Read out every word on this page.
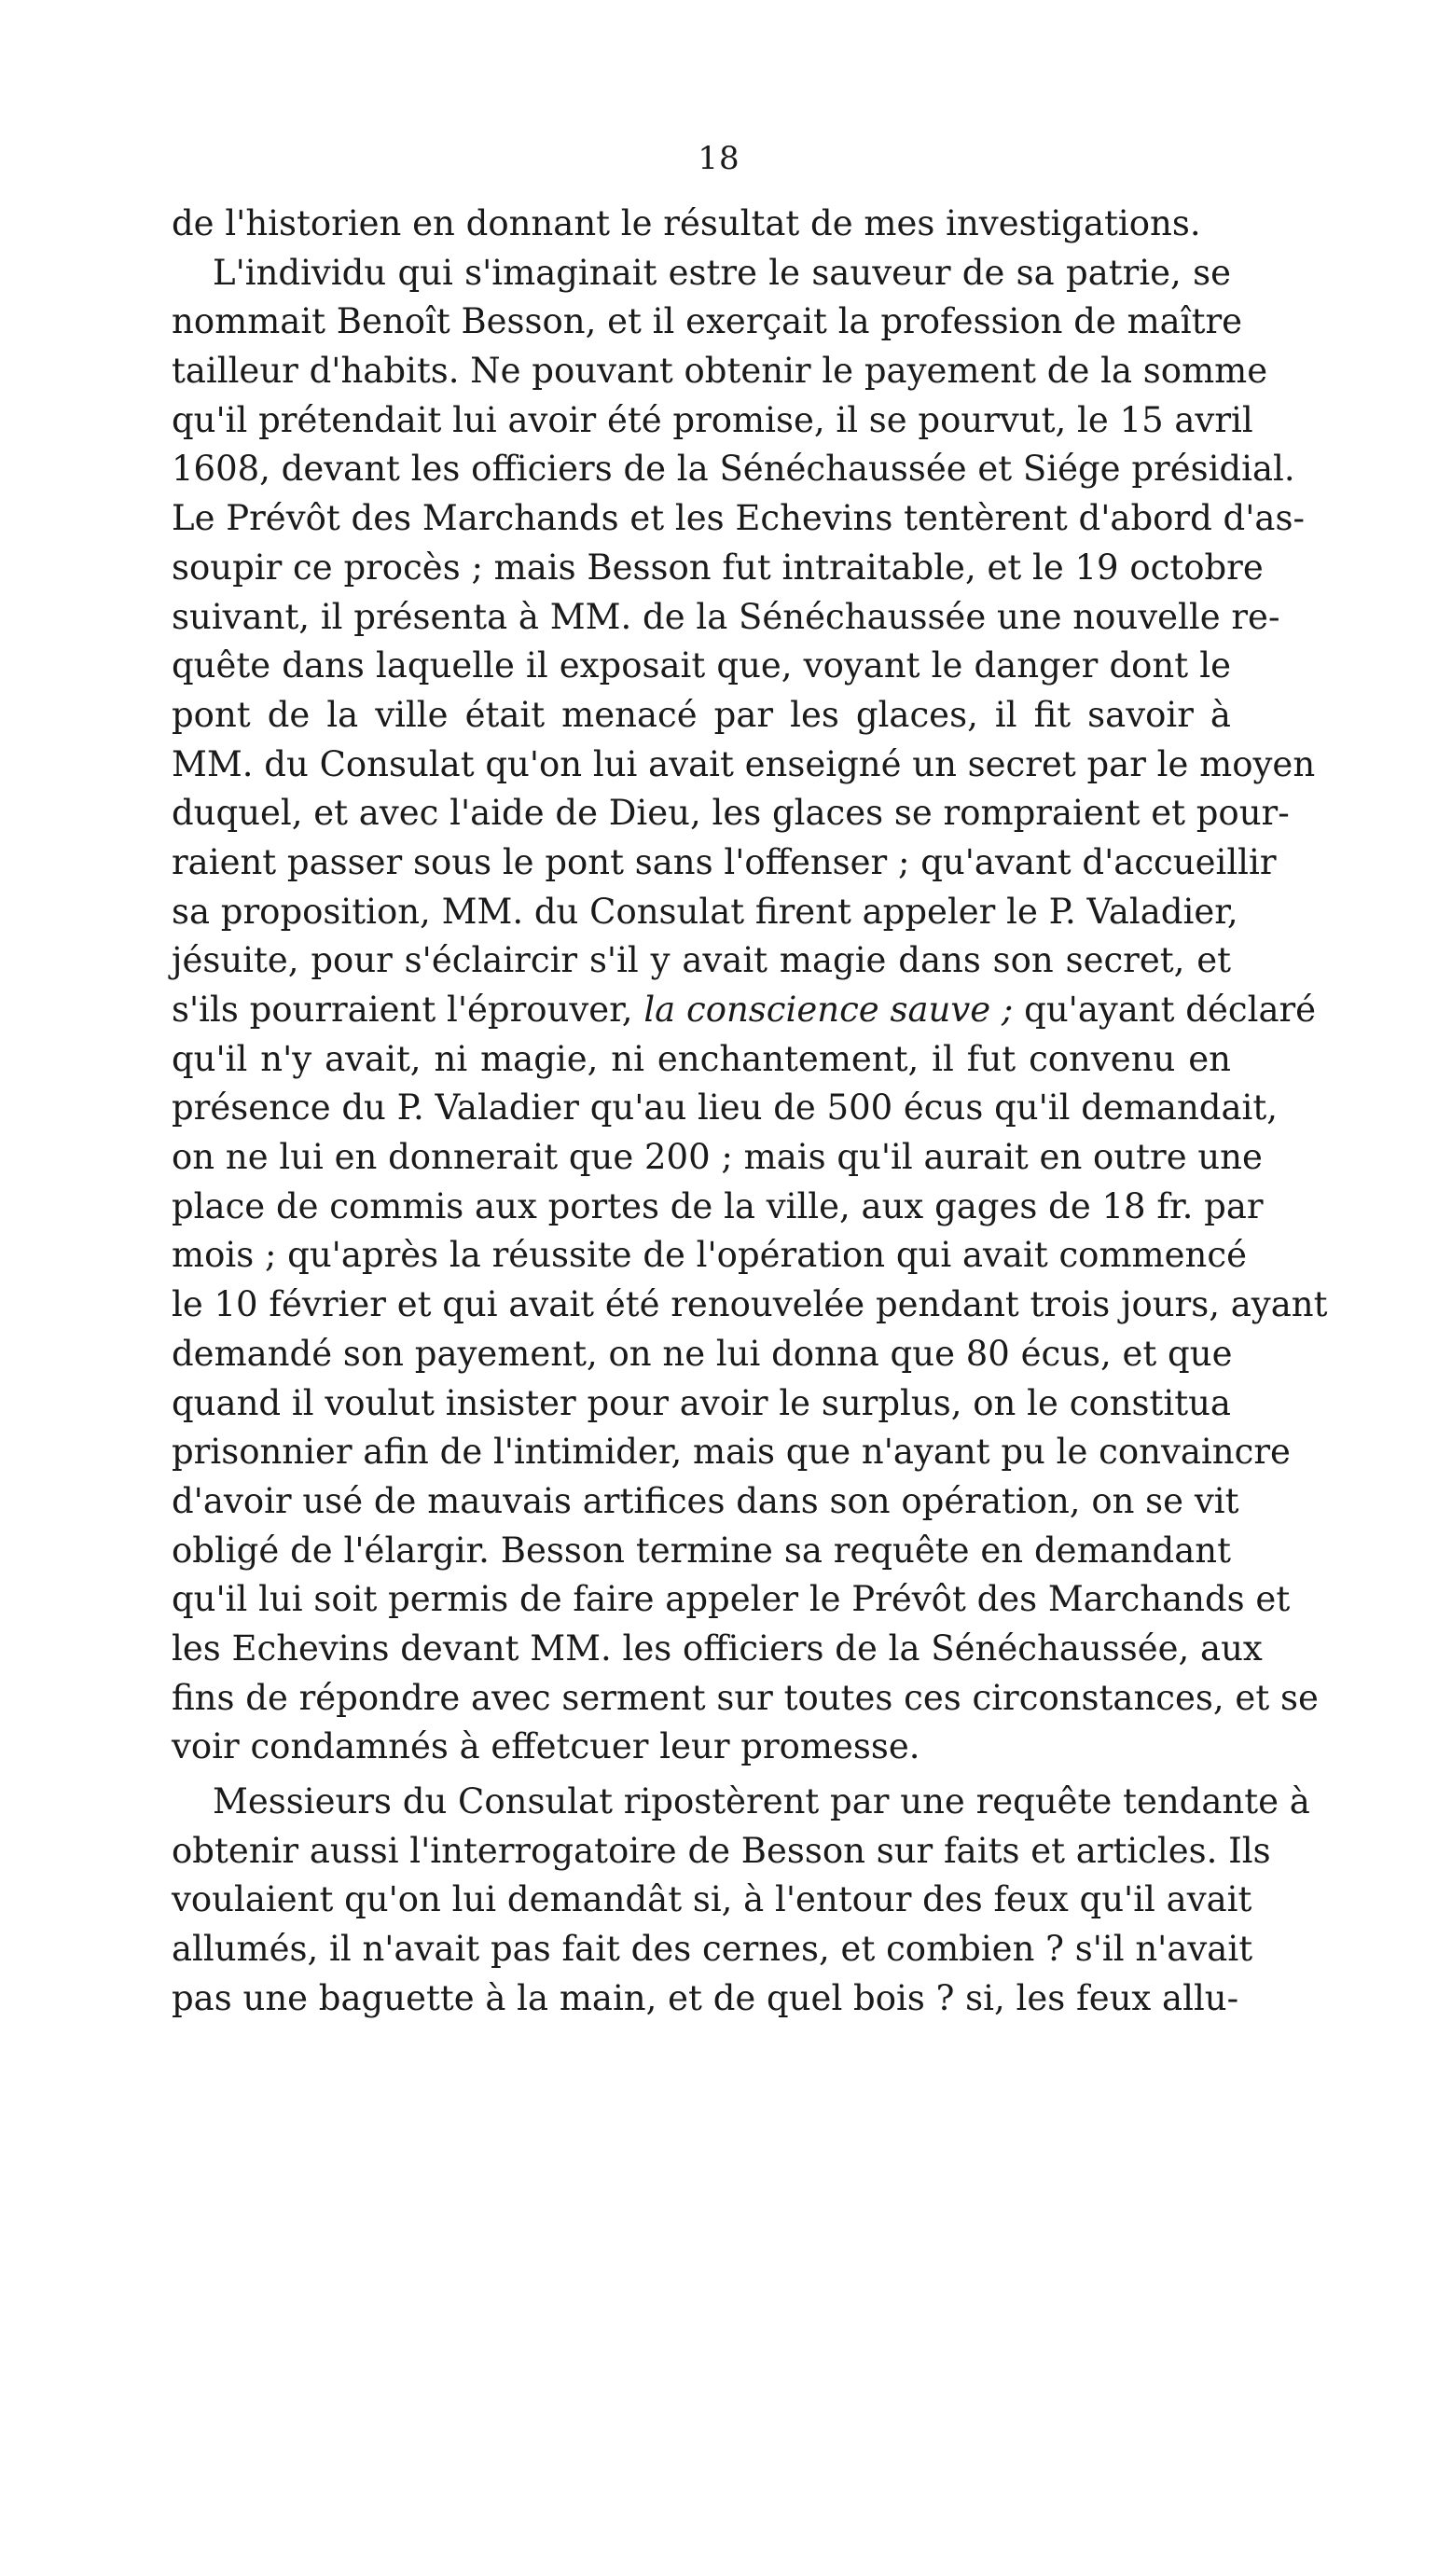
18
de l'historien en donnant le résultat de mes investigations.
L'individu qui s'imaginait estre le sauveur de sa patrie, se
nommait Benoît Besson, et il exerçait la profession de maître
tailleur d'habits. Ne pouvant obtenir le payement de la somme
qu'il prétendait lui avoir été promise, il se pourvut, le 15 avril
1608, devant les officiers de la Sénéchaussée et Siége présidial.
Le Prévôt des Marchands et les Echevins tentèrent d'abord d'as-
soupir ce procès ; mais Besson fut intraitable, et le 19 octobre
suivant, il présenta à MM. de la Sénéchaussée une nouvelle re-
quête dans laquelle il exposait que, voyant le danger dont le
pont de la ville était menacé par les glaces, il fit savoir à
MM. du Consulat qu'on lui avait enseigné un secret par le moyen
duquel, et avec l'aide de Dieu, les glaces se rompraient et pour-
raient passer sous le pont sans l'offenser ; qu'avant d'accueillir
sa proposition, MM. du Consulat firent appeler le P. Valadier,
jésuite, pour s'éclaircir s'il y avait magie dans son secret, et
s'ils pourraient l'éprouver, la conscience sauve ; qu'ayant déclaré
qu'il n'y avait, ni magie, ni enchantement, il fut convenu en
présence du P. Valadier qu'au lieu de 500 écus qu'il demandait,
on ne lui en donnerait que 200 ; mais qu'il aurait en outre une
place de commis aux portes de la ville, aux gages de 18 fr. par
mois ; qu'après la réussite de l'opération qui avait commencé
le 10 février et qui avait été renouvelée pendant trois jours, ayant
demandé son payement, on ne lui donna que 80 écus, et que
quand il voulut insister pour avoir le surplus, on le constitua
prisonnier afin de l'intimider, mais que n'ayant pu le convaincre
d'avoir usé de mauvais artifices dans son opération, on se vit
obligé de l'élargir. Besson termine sa requête en demandant
qu'il lui soit permis de faire appeler le Prévôt des Marchands et
les Echevins devant MM. les officiers de la Sénéchaussée, aux
fins de répondre avec serment sur toutes ces circonstances, et se
voir condamnés à effetcuer leur promesse.
Messieurs du Consulat ripostèrent par une requête tendante à
obtenir aussi l'interrogatoire de Besson sur faits et articles. Ils
voulaient qu'on lui demandât si, à l'entour des feux qu'il avait
allumés, il n'avait pas fait des cernes, et combien ? s'il n'avait
pas une baguette à la main, et de quel bois ? si, les feux allu-
